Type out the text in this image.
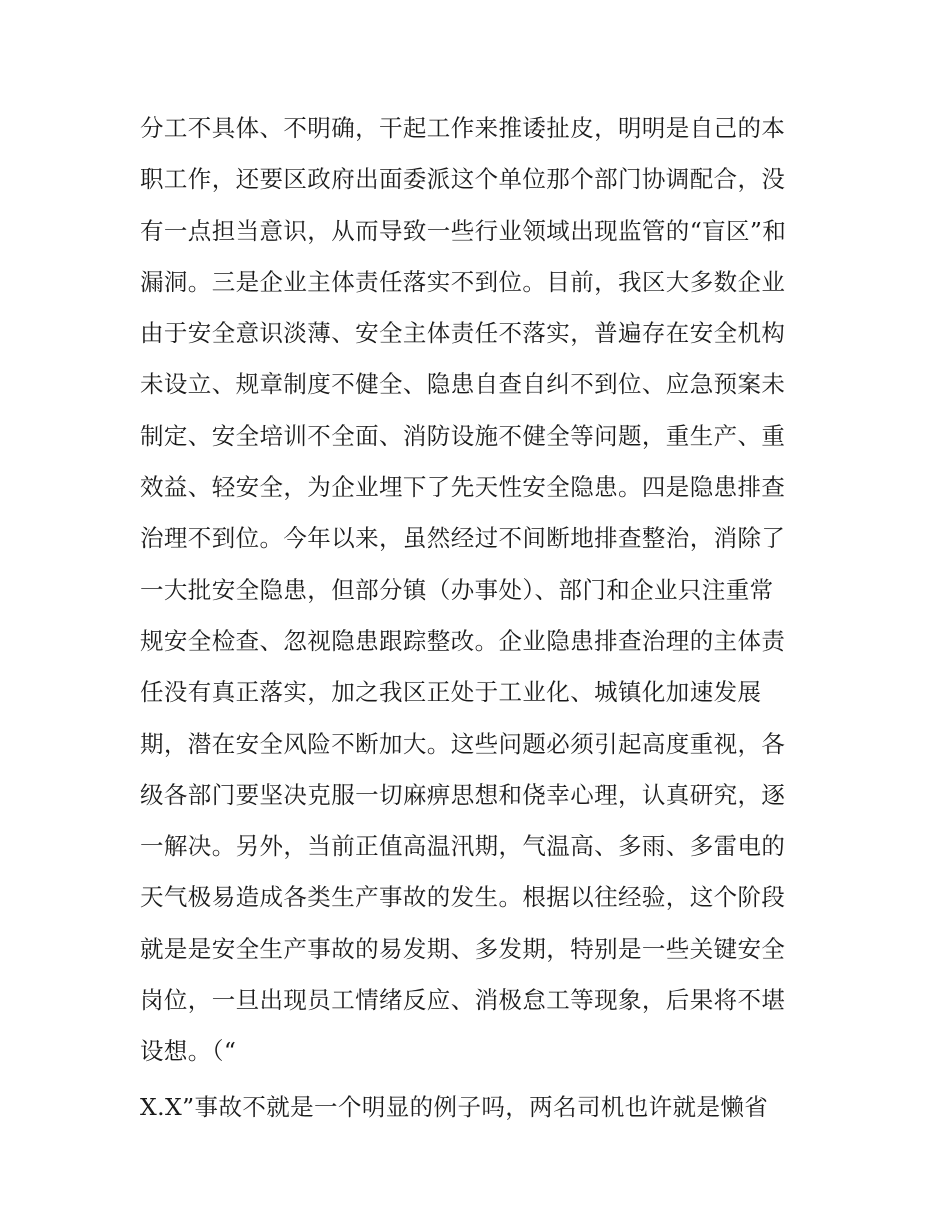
分工不具体、不明确，干起工作来推诿扯皮，明明是自己的本
职工作，还要区政府出面委派这个单位那个部门协调配合，没
有一点担当意识，从而导致一些行业领域出现监管的“盲区”和
漏洞。三是企业主体责任落实不到位。目前，我区大多数企业
由于安全意识淡薄、安全主体责任不落实，普遍存在安全机构
未设立、规章制度不健全、隐患自查自纠不到位、应急预案未
制定、安全培训不全面、消防设施不健全等问题，重生产、重
效益、轻安全，为企业埋下了先天性安全隐患。四是隐患排查
治理不到位。今年以来，虽然经过不间断地排查整治，消除了
一大批安全隐患，但部分镇（办事处）、部门和企业只注重常
规安全检查、忽视隐患跟踪整改。企业隐患排查治理的主体责
任没有真正落实，加之我区正处于工业化、城镇化加速发展
期，潜在安全风险不断加大。这些问题必须引起高度重视，各
级各部门要坚决克服一切麻痹思想和侥幸心理，认真研究，逐
一解决。另外，当前正值高温汛期，气温高、多雨、多雷电的
天气极易造成各类生产事故的发生。根据以往经验，这个阶段
就是是安全生产事故的易发期、多发期，特别是一些关键安全
岗位，一旦出现员工情绪反应、消极怠工等现象，后果将不堪
设想。（“
X.X”事故不就是一个明显的例子吗，两名司机也许就是懒省
